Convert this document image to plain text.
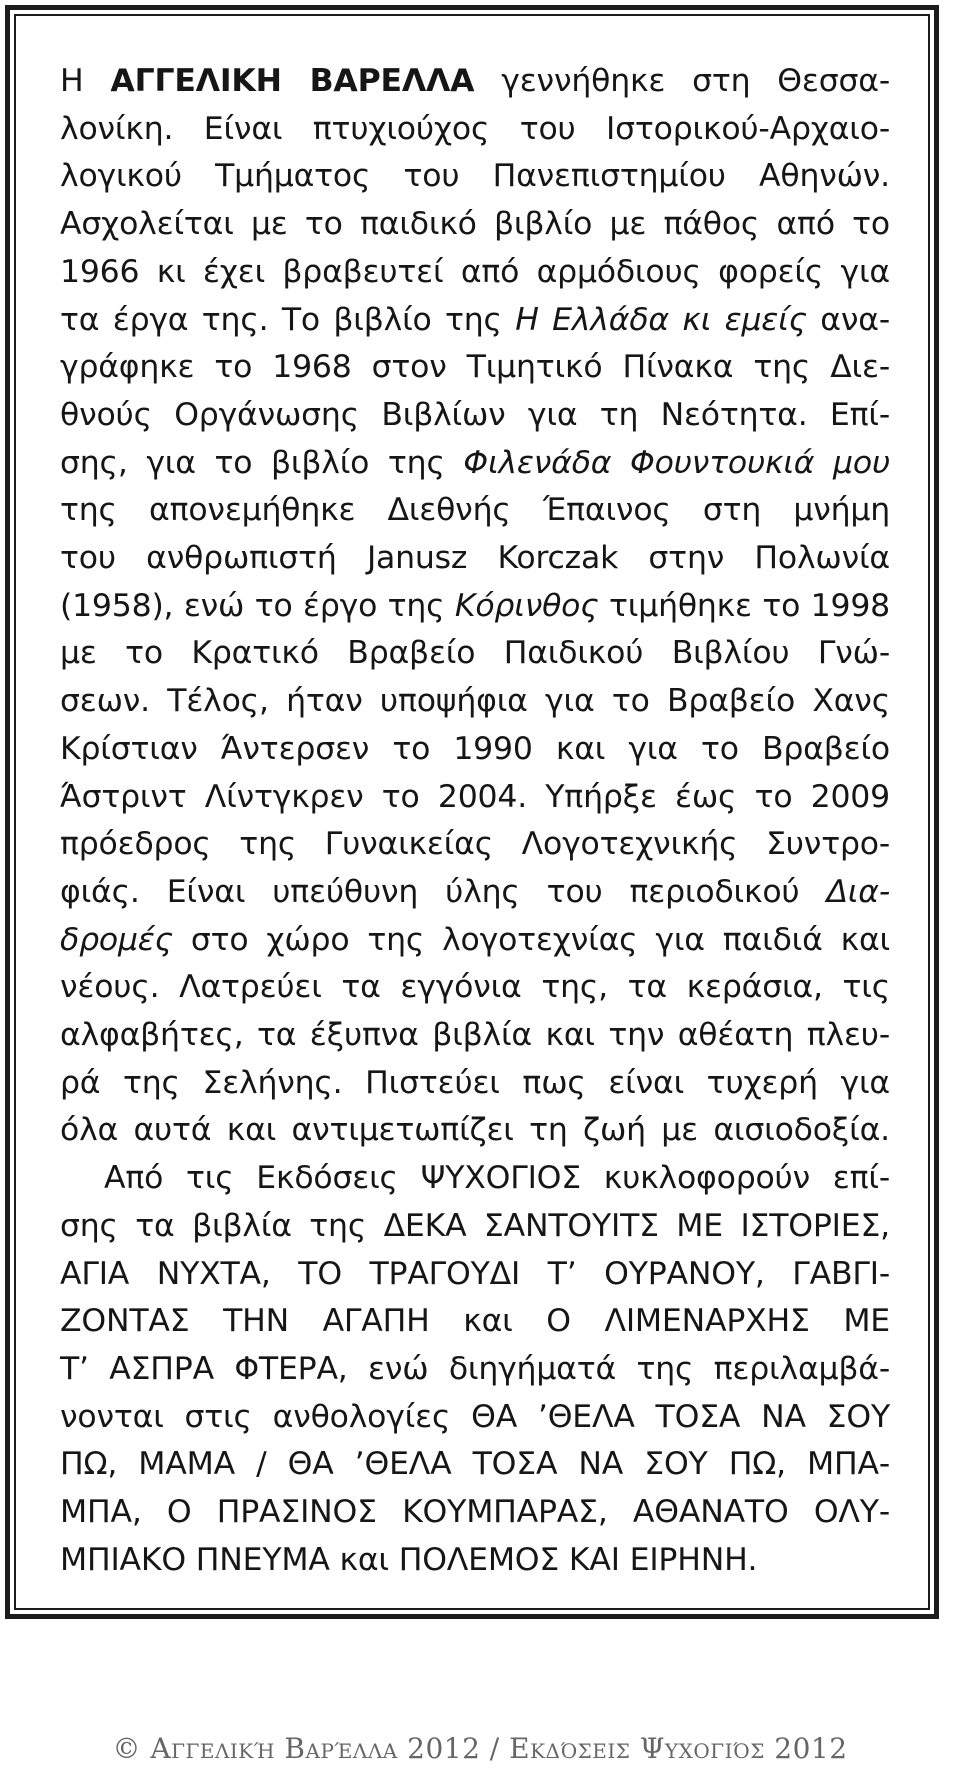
Η ΑΓΓΕΛΙΚΗ ΒΑΡΕΛΛΑ γεννήθηκε στη Θεσσα-
λονίκη. Είναι πτυχιούχος του Ιστορικού-Αρχαιο-
λογικού Τμήματος του Πανεπιστημίου Αθηνών.
Ασχολείται με το παιδικό βιβλίο με πάθος από το
1966 κι έχει βραβευτεί από αρμόδιους φορείς για
τα έργα της. Το βιβλίο της Η Ελλάδα κι εμείς ανα-
γράφηκε το 1968 στον Τιμητικό Πίνακα της Διε-
θνούς Οργάνωσης Βιβλίων για τη Νεότητα. Επί-
σης, για το βιβλίο της Φιλενάδα Φουντουκιά μου
της απονεμήθηκε Διεθνής Έπαινος στη μνήμη
του ανθρωπιστή Janusz Korczak στην Πολωνία
(1958), ενώ το έργο της Κόρινθος τιμήθηκε το 1998
με το Κρατικό Βραβείο Παιδικού Βιβλίου Γνώ-
σεων. Τέλος, ήταν υποψήφια για το Βραβείο Χανς
Κρίστιαν Άντερσεν το 1990 και για το Βραβείο
Άστριντ Λίντγκρεν το 2004. Υπήρξε έως το 2009
πρόεδρος της Γυναικείας Λογοτεχνικής Συντρο-
φιάς. Είναι υπεύθυνη ύλης του περιοδικού Δια-
δρομές στο χώρο της λογοτεχνίας για παιδιά και
νέους. Λατρεύει τα εγγόνια της, τα κεράσια, τις
αλφαβήτες, τα έξυπνα βιβλία και την αθέατη πλευ-
ρά της Σελήνης. Πιστεύει πως είναι τυχερή για
όλα αυτά και αντιμετωπίζει τη ζωή με αισιοδοξία.
Από τις Εκδόσεις ΨΥΧΟΓΙΟΣ κυκλοφορούν επί-
σης τα βιβλία της ΔΕΚΑ ΣΑΝΤΟΥΙΤΣ ΜΕ ΙΣΤΟΡΙΕΣ,
ΑΓΙΑ ΝΥΧΤΑ, ΤΟ ΤΡΑΓΟΥΔΙ Τ’ ΟΥΡΑΝΟΥ, ΓΑΒΓΙ-
ΖΟΝΤΑΣ ΤΗΝ ΑΓΑΠΗ και Ο ΛΙΜΕΝΑΡΧΗΣ ΜΕ
Τ’ ΑΣΠΡΑ ΦΤΕΡΑ, ενώ διηγήματά της περιλαμβά-
νονται στις ανθολογίες ΘΑ ’ΘΕΛΑ ΤΟΣΑ ΝΑ ΣΟΥ
ΠΩ, ΜΑΜΑ / ΘΑ ’ΘΕΛΑ ΤΟΣΑ ΝΑ ΣΟΥ ΠΩ, ΜΠΑ-
ΜΠΑ, Ο ΠΡΑΣΙΝΟΣ ΚΟΥΜΠΑΡΑΣ, ΑΘΑΝΑΤΟ ΟΛΥ-
ΜΠΙΑΚΟ ΠΝΕΥΜΑ και ΠΟΛΕΜΟΣ ΚΑΙ ΕΙΡΗΝΗ.
© Αγγελική Βαρέλλα 2012 / Εκδόσεις Ψυχογιός 2012
